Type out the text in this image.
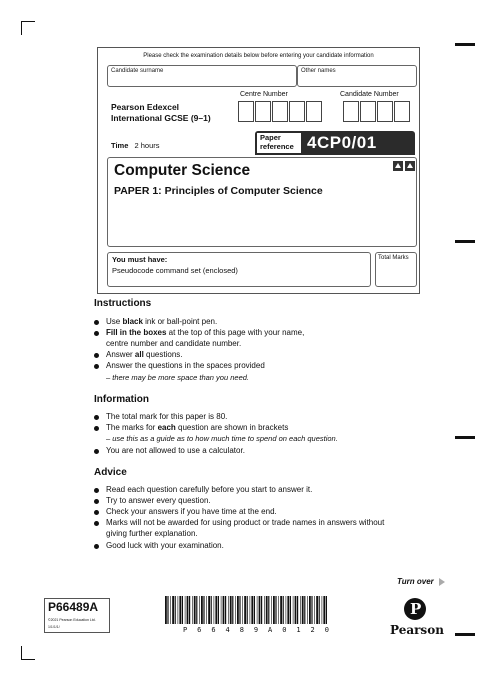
Please check the examination details below before entering your candidate information
Candidate surname	Other names
Pearson Edexcel
International GCSE (9–1)
Centre Number	Candidate Number
Time 2 hours
Paper
reference 4CP0/01
Computer Science
PAPER 1: Principles of Computer Science
You must have:
Pseudocode command set (enclosed)
Total Marks
Instructions
Use black ink or ball-point pen.
Fill in the boxes at the top of this page with your name,
centre number and candidate number.
Answer all questions.
Answer the questions in the spaces provided
– there may be more space than you need.
Information
The total mark for this paper is 80.
The marks for each question are shown in brackets
– use this as a guide as to how much time to spend on each question.
You are not allowed to use a calculator.
Advice
Read each question carefully before you start to answer it.
Try to answer every question.
Check your answers if you have time at the end.
Marks will not be awarded for using product or trade names in answers without
giving further explanation.
Good luck with your examination.
Turn over
P66489A
©2021 Pearson Education Ltd.
1/1/1/1/	P 6 6 4 8 9 A 0 1 2 0
P	Pearson
